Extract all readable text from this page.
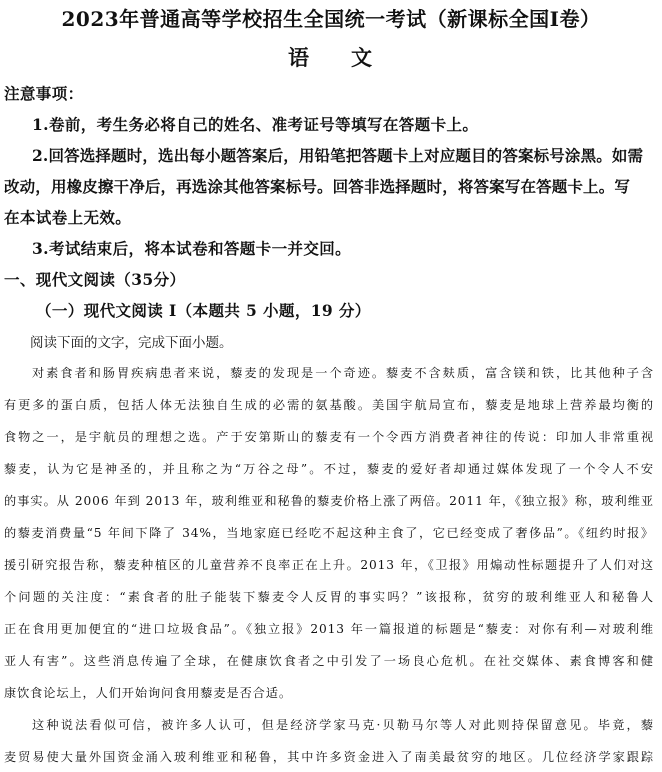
2023年普通高等学校招生全国统一考试（新课标全国Ⅰ卷）
语 文
注意事项：
1.卷前，考生务必将自己的姓名、准考证号等填写在答题卡上。
2.回答选择题时，选出每小题答案后，用铅笔把答题卡上对应题目的答案标号涂黑。如需
改动，用橡皮擦干净后，再选涂其他答案标号。回答非选择题时，将答案写在答题卡上。写
在本试卷上无效。
3.考试结束后，将本试卷和答题卡一并交回。
一、现代文阅读（35分）
（一）现代文阅读 I（本题共 5 小题，19 分）
阅读下面的文字，完成下面小题。
对素食者和肠胃疾病患者来说，藜麦的发现是一个奇迹。藜麦不含麸质，富含镁和铁，比其他种子含
有更多的蛋白质，包括人体无法独自生成的必需的氨基酸。美国宇航局宣布，藜麦是地球上营养最均衡的
食物之一，是宇航员的理想之选。产于安第斯山的藜麦有一个令西方消费者神往的传说：印加人非常重视
藜麦，认为它是神圣的，并且称之为“万谷之母”。不过，藜麦的爱好者却通过媒体发现了一个令人不安
的事实。从 2006 年到 2013 年，玻利维亚和秘鲁的藜麦价格上涨了两倍。2011 年，《独立报》称，玻利维亚
的藜麦消费量“5 年间下降了 34%，当地家庭已经吃不起这种主食了，它已经变成了奢侈品”。《纽约时报》
援引研究报告称，藜麦种植区的儿童营养不良率正在上升。2013 年，《卫报》用煽动性标题提升了人们对这
个问题的关注度：“素食者的肚子能装下藜麦令人反胃的事实吗？”该报称，贫穷的玻利维亚人和秘鲁人
正在食用更加便宜的“进口垃圾食品”。《独立报》2013 年一篇报道的标题是“藜麦：对你有利—对玻利维
亚人有害”。这些消息传遍了全球，在健康饮食者之中引发了一场良心危机。在社交媒体、素食博客和健
康饮食论坛上，人们开始询问食用藜麦是否合适。
这种说法看似可信，被许多人认可，但是经济学家马克·贝勒马尔等人对此则持保留意见。毕竟，藜
麦贸易使大量外国资金涌入玻利维亚和秘鲁，其中许多资金进入了南美最贫穷的地区。几位经济学家跟踪
